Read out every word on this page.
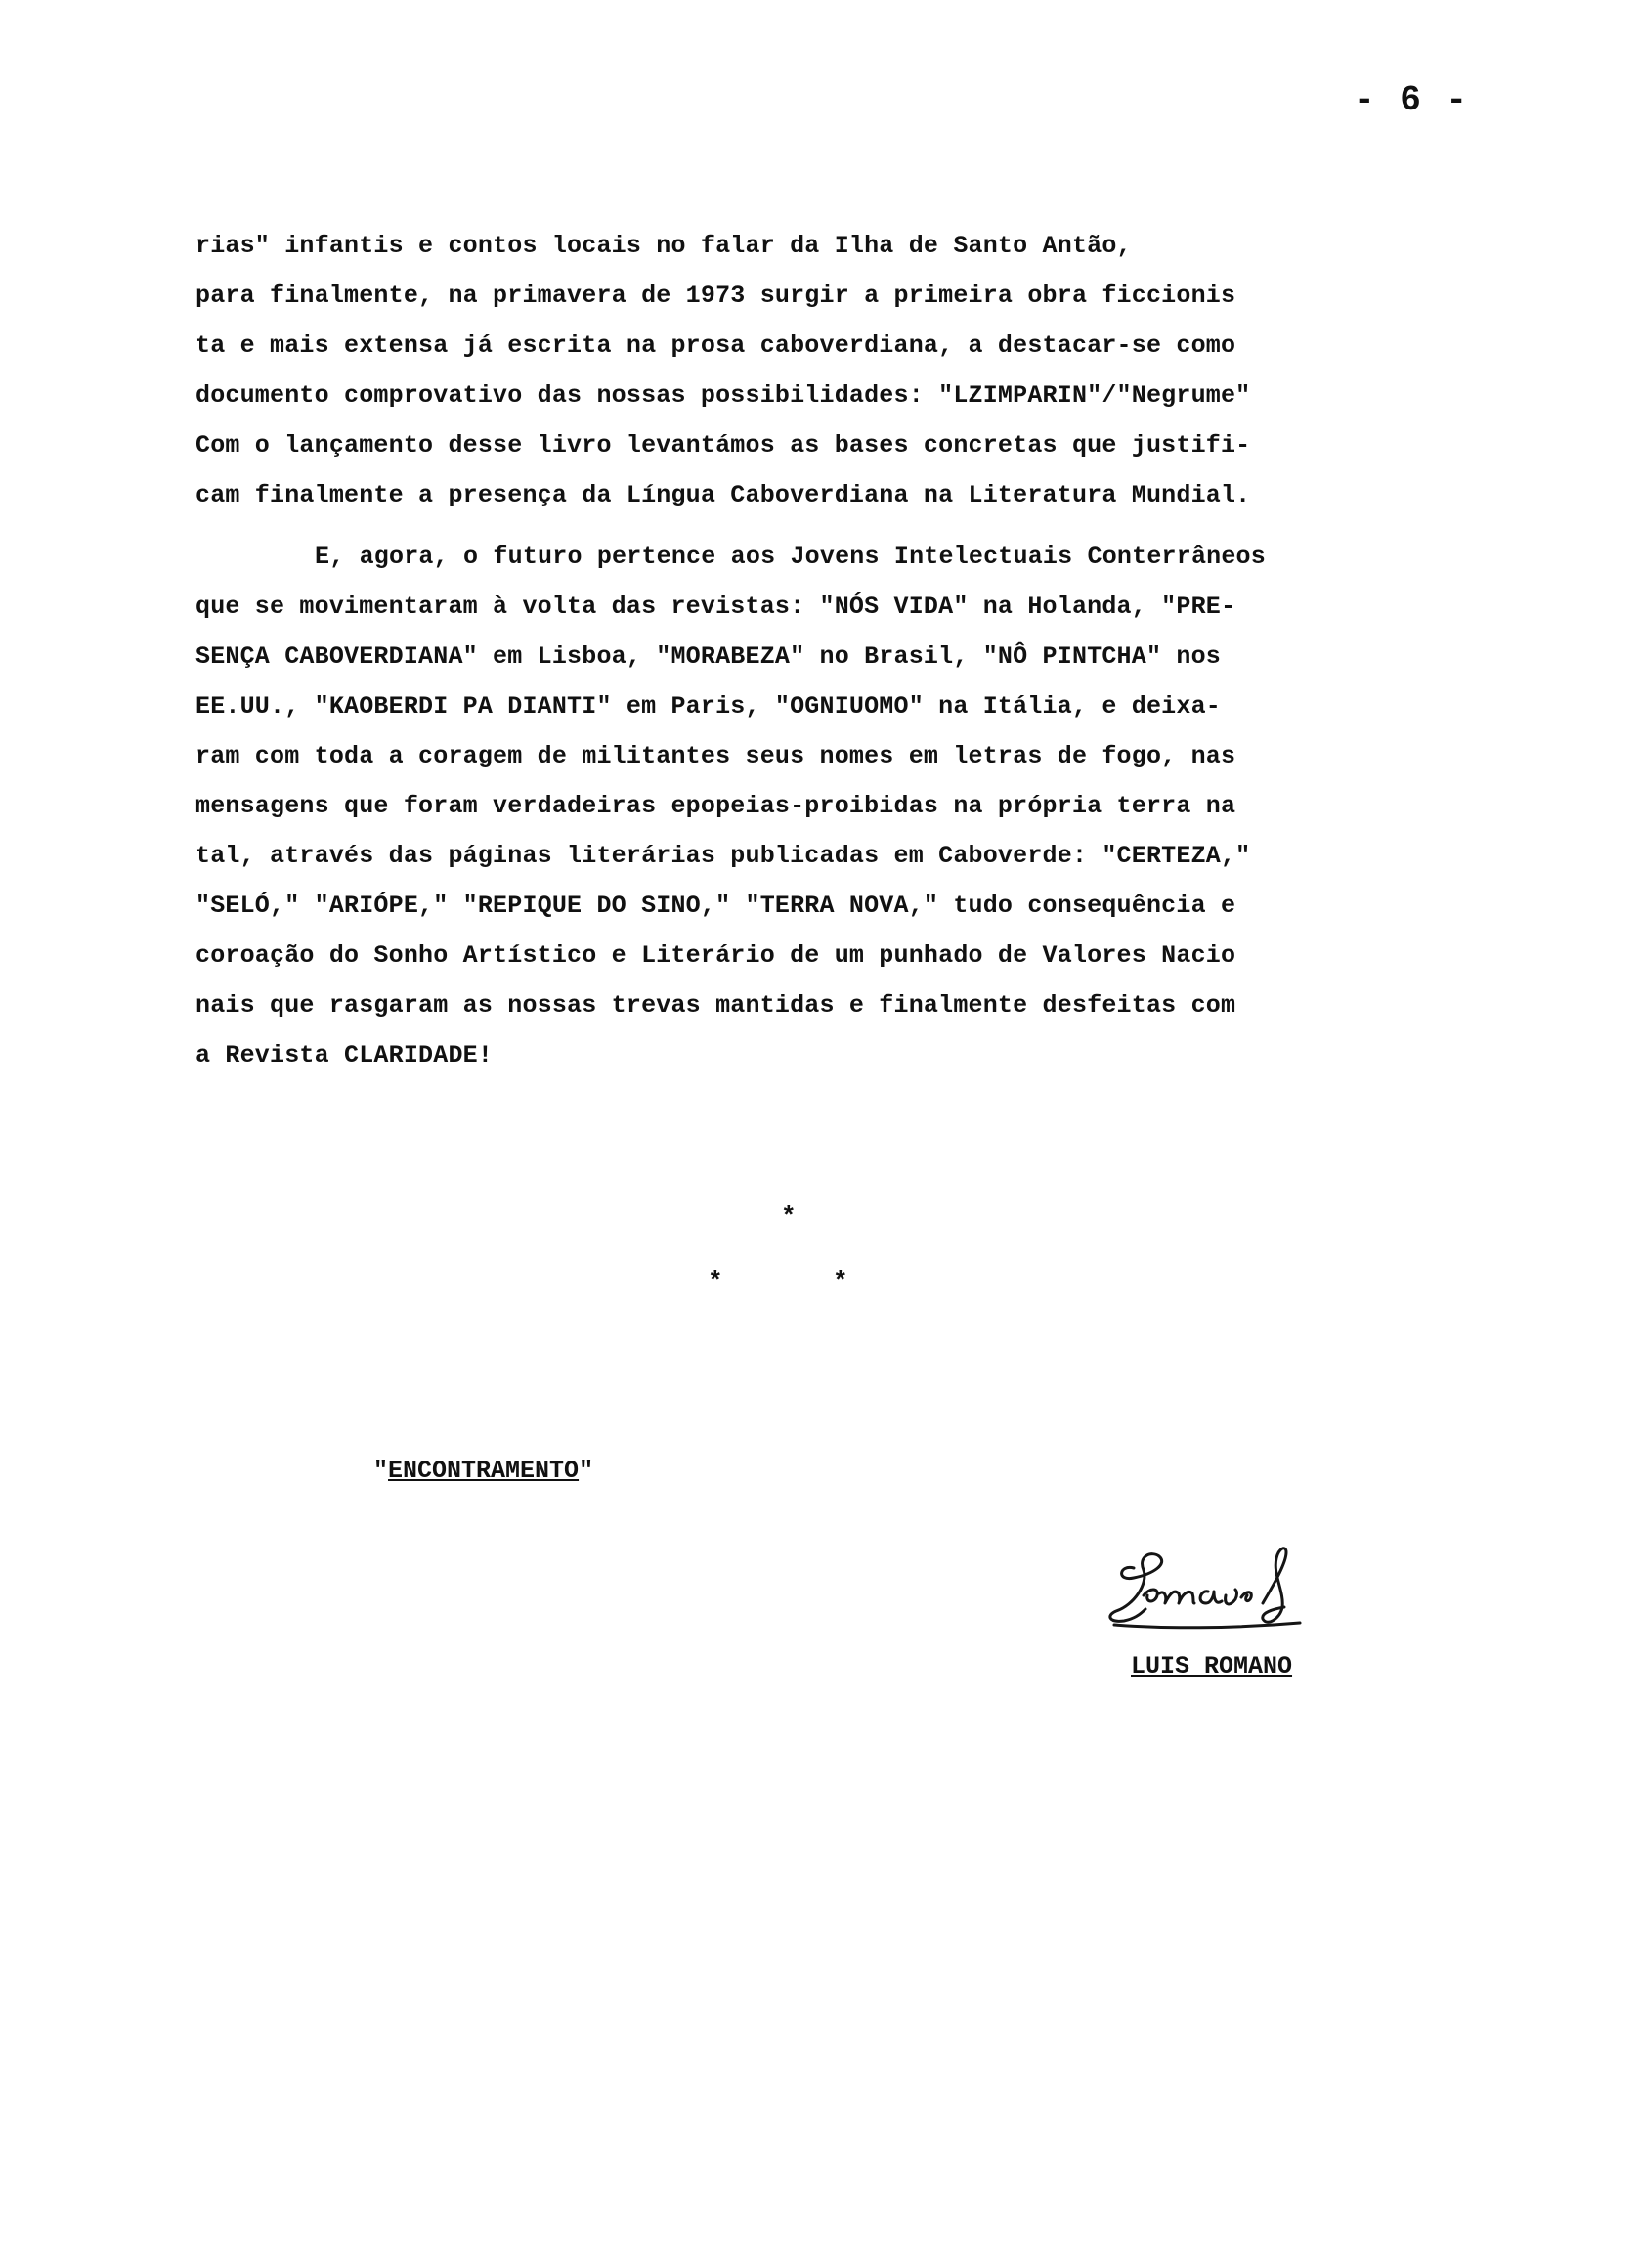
- 6 -
rias" infantis e contos locais no falar da Ilha de Santo Antão,
para finalmente, na primavera de 1973 surgir a primeira obra ficcionis
ta e mais extensa já escrita na prosa caboverdiana, a destacar-se como
documento comprovativo das nossas possibilidades: "LZIMPARIN"/"Negrume"
Com o lançamento desse livro levantámos as bases concretas que justifi-
cam finalmente a presença da Língua Caboverdiana na Literatura Mundial.
E, agora, o futuro pertence aos Jovens Intelectuais Conterrâneos
que se movimentaram à volta das revistas: "NÓS VIDA" na Holanda, "PRE-
SENÇA CABOVERDIANA" em Lisboa, "MORABEZA" no Brasil, "NÔ PINTCHA" nos
EE.UU., "KAOBERDI PA DIANTI" em Paris, "OGNIUOMO" na Itália, e deixa-
ram com toda a coragem de militantes seus nomes em letras de fogo, nas
mensagens que foram verdadeiras epopeias-proibidas na própria terra na
tal, através das páginas literárias publicadas em Caboverde: "CERTEZA,"
"SELÓ," "ARIÓPE," "REPIQUE DO SINO," "TERRA NOVA," tudo consequência e
coroação do Sonho Artístico e Literário de um punhado de Valores Nacio
nais que rasgaram as nossas trevas mantidas e finalmente desfeitas com
a Revista CLARIDADE!
*
*	*
"ENCONTRAMENTO"
LUIS ROMANO
